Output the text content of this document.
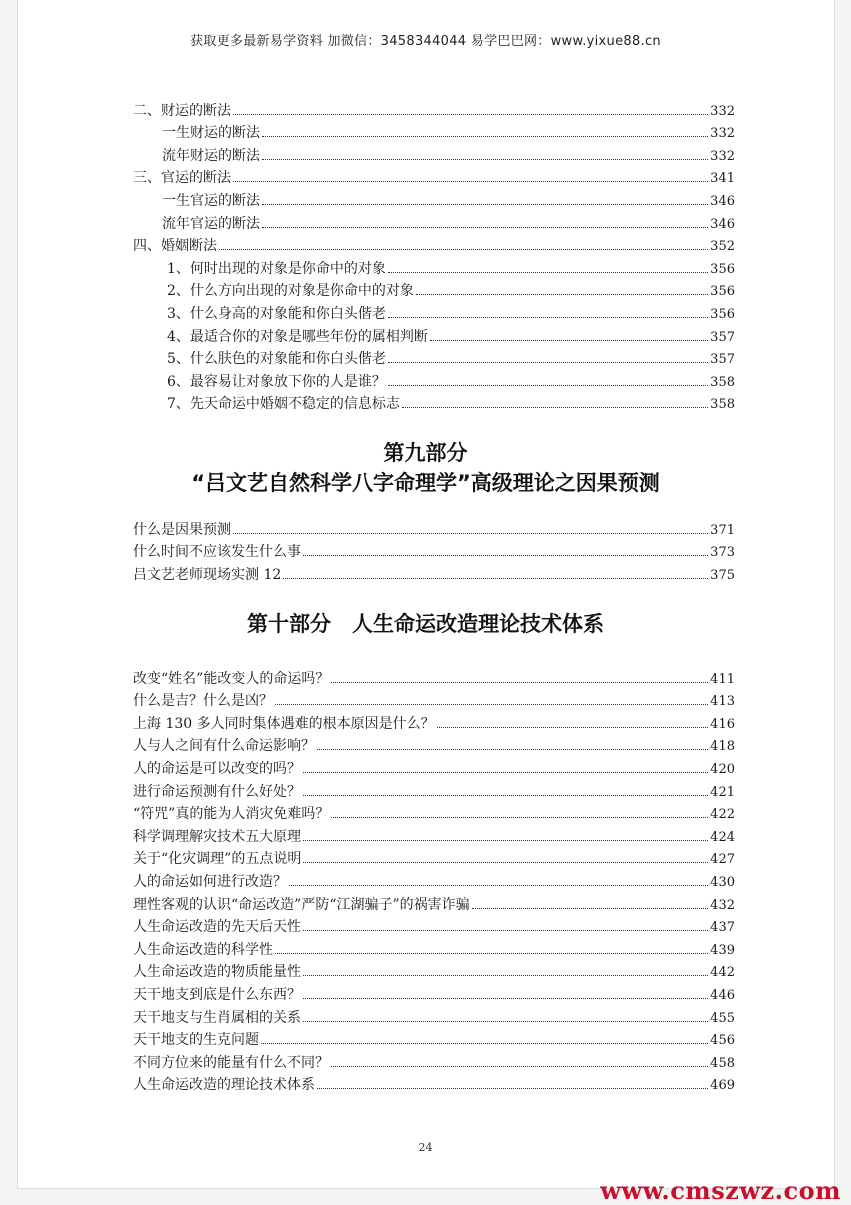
获取更多最新易学资料 加微信：3458344044 易学巴巴网：www.yixue88.cn
二、财运的断法	332
一生财运的断法	332
流年财运的断法	332
三、官运的断法	341
一生官运的断法	346
流年官运的断法	346
四、婚姻断法	352
1、何时出现的对象是你命中的对象	356
2、什么方向出现的对象是你命中的对象	356
3、什么身高的对象能和你白头偕老	356
4、最适合你的对象是哪些年份的属相判断	357
5、什么肤色的对象能和你白头偕老	357
6、最容易让对象放下你的人是谁？	358
7、先天命运中婚姻不稳定的信息标志	358
第九部分
“吕文艺自然科学八字命理学”高级理论之因果预测
什么是因果预测	371
什么时间不应该发生什么事	373
吕文艺老师现场实测 12	375
第十部分　人生命运改造理论技术体系
改变“姓名”能改变人的命运吗？	411
什么是吉？什么是凶？	413
上海 130 多人同时集体遇难的根本原因是什么？	416
人与人之间有什么命运影响？	418
人的命运是可以改变的吗？	420
进行命运预测有什么好处？	421
“符咒”真的能为人消灾免难吗？	422
科学调理解灾技术五大原理	424
关于“化灾调理”的五点说明	427
人的命运如何进行改造？	430
理性客观的认识“命运改造”严防“江湖骗子”的祸害诈骗	432
人生命运改造的先天后天性	437
人生命运改造的科学性	439
人生命运改造的物质能量性	442
天干地支到底是什么东西？	446
天干地支与生肖属相的关系	455
天干地支的生克问题	456
不同方位来的能量有什么不同？	458
人生命运改造的理论技术体系	469
24
www.cmszwz.com
